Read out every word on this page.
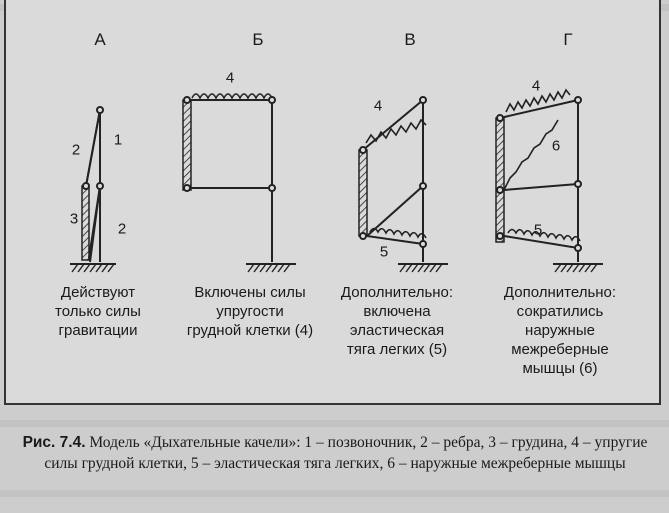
А	Б	В	Г
2
1
3
2
4
4
5
4
6
5
Действуют
только силы
гравитации
Включены силы
упругости
грудной клетки (4)
Дополнительно:
включена
эластическая
тяга легких (5)
Дополнительно:
сократились
наружные
межреберные
мышцы (6)
Рис. 7.4. Модель «Дыхательные качели»: 1 – позвоночник, 2 – ребра, 3 – грудина, 4 – упругие силы грудной клетки, 5 – эластическая тяга легких, 6 – наружные межреберные мышцы
